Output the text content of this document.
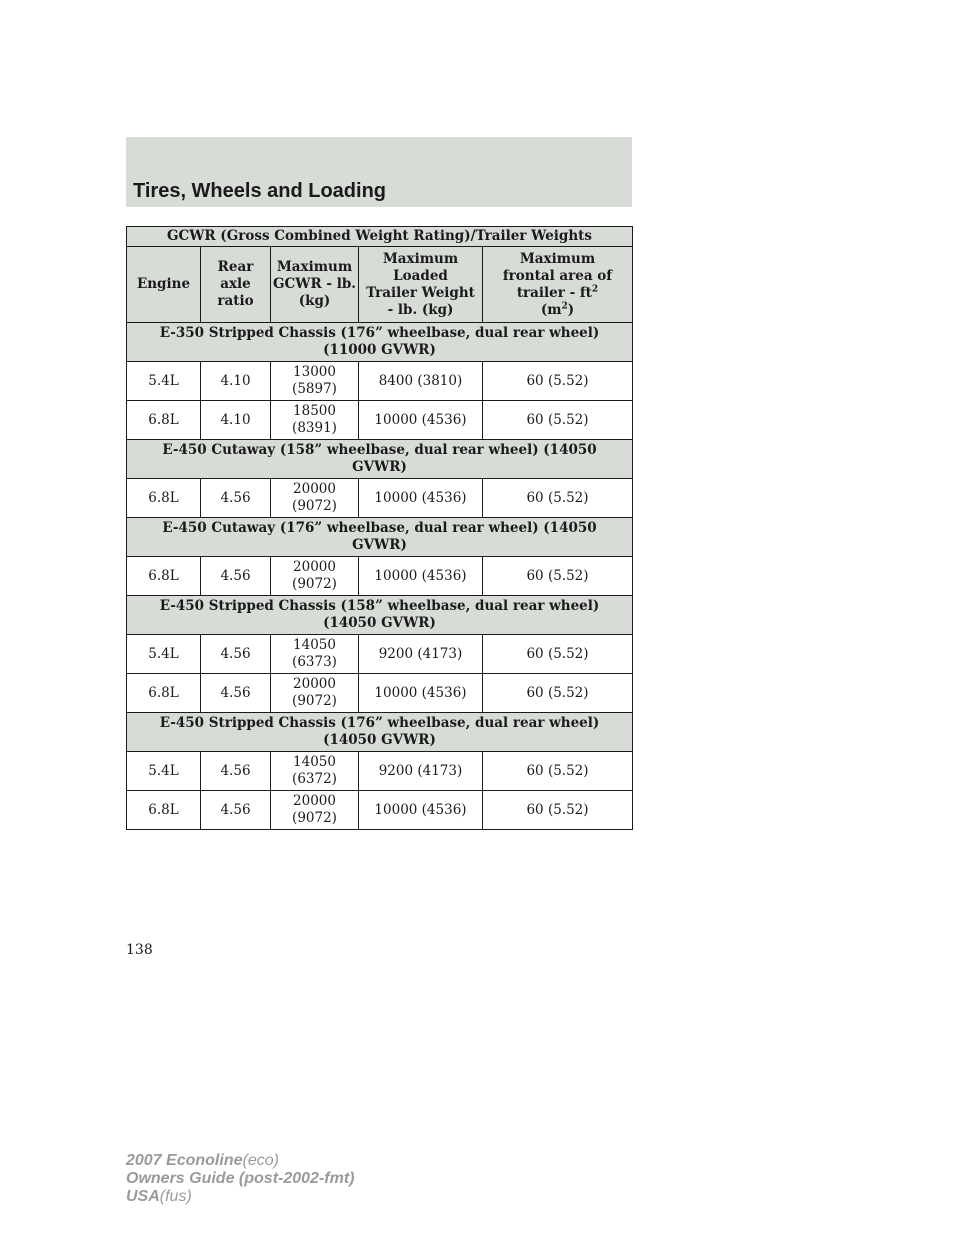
Tires, Wheels and Loading
GCWR (Gross Combined Weight Rating)/Trailer Weights				
Engine	Rear
axle
ratio	Maximum
GCWR - lb.
(kg)	Maximum
Loaded
Trailer Weight
- lb. (kg)	Maximum
frontal area of
trailer - $ft^2$
$(m^2)$
E-350 Stripped Chassis (176” wheelbase, dual rear wheel)
(11000 GVWR)				
5.4L	4.10	13000
(5897)	8400 (3810)	60 (5.52)
6.8L	4.10	18500
(8391)	10000 (4536)	60 (5.52)
E-450 Cutaway (158” wheelbase, dual rear wheel) (14050
GVWR)				
6.8L	4.56	20000
(9072)	10000 (4536)	60 (5.52)
E-450 Cutaway (176” wheelbase, dual rear wheel) (14050
GVWR)				
6.8L	4.56	20000
(9072)	10000 (4536)	60 (5.52)
E-450 Stripped Chassis (158” wheelbase, dual rear wheel)
(14050 GVWR)				
5.4L	4.56	14050
(6373)	9200 (4173)	60 (5.52)
6.8L	4.56	20000
(9072)	10000 (4536)	60 (5.52)
E-450 Stripped Chassis (176” wheelbase, dual rear wheel)
(14050 GVWR)				
5.4L	4.56	14050
(6372)	9200 (4173)	60 (5.52)
6.8L	4.56	20000
(9072)	10000 (4536)	60 (5.52)
138
2007 Econoline(eco)
Owners Guide (post-2002-fmt)
USA(fus)
